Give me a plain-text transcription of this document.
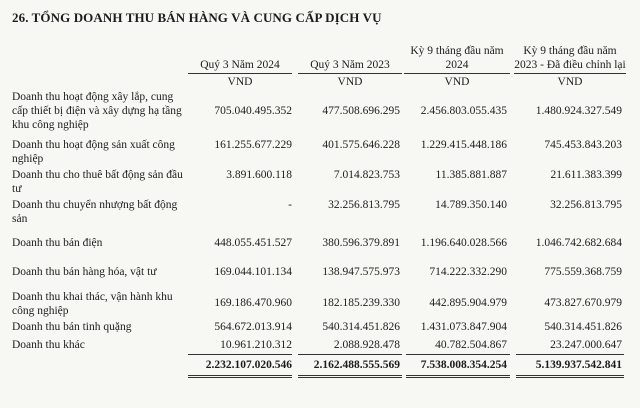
26. TỔNG DOANH THU BÁN HÀNG VÀ CUNG CẤP DỊCH VỤ
Quý 3 Năm 2024
VND
Quý 3 Năm 2023
VND
Kỳ 9 tháng đầu năm 2024
VND
Kỳ 9 tháng đầu năm 2023 - Đã điều chỉnh lại
VND
Doanh thu hoạt động xây lắp, cung cấp thiết bị điện và xây dựng hạ tầng khu công nghiệp
705.040.495.352	477.508.696.295 2.456.803.055.435	1.480.924.327.549
Doanh thu hoạt động sản xuất công nghiệp
161.255.677.229	401.575.646.228 1.229.415.448.186	745.453.843.203
Doanh thu cho thuê bất động sản đầu tư
3.891.600.118	7.014.823.753	11.385.881.887	21.611.383.399
Doanh thu chuyển nhượng bất động sản
-	32.256.813.795	14.789.350.140	32.256.813.795
Doanh thu bán điện	448.055.451.527	380.596.379.891 1.196.640.028.566	1.046.742.682.684
Doanh thu bán hàng hóa, vật tư	169.044.101.134	138.947.575.973	714.222.332.290	775.559.368.759
Doanh thu khai thác, vận hành khu công nghiệp
169.186.470.960	182.185.239.330	442.895.904.979	473.827.670.979
Doanh thu bán tinh quặng	564.672.013.914	540.314.451.826 1.431.073.847.904	540.314.451.826
Doanh thu khác	10.961.210.312	2.088.928.478	40.782.504.867	23.247.000.647
2.232.107.020.546 2.162.488.555.569 7.538.008.354.254	5.139.937.542.841
